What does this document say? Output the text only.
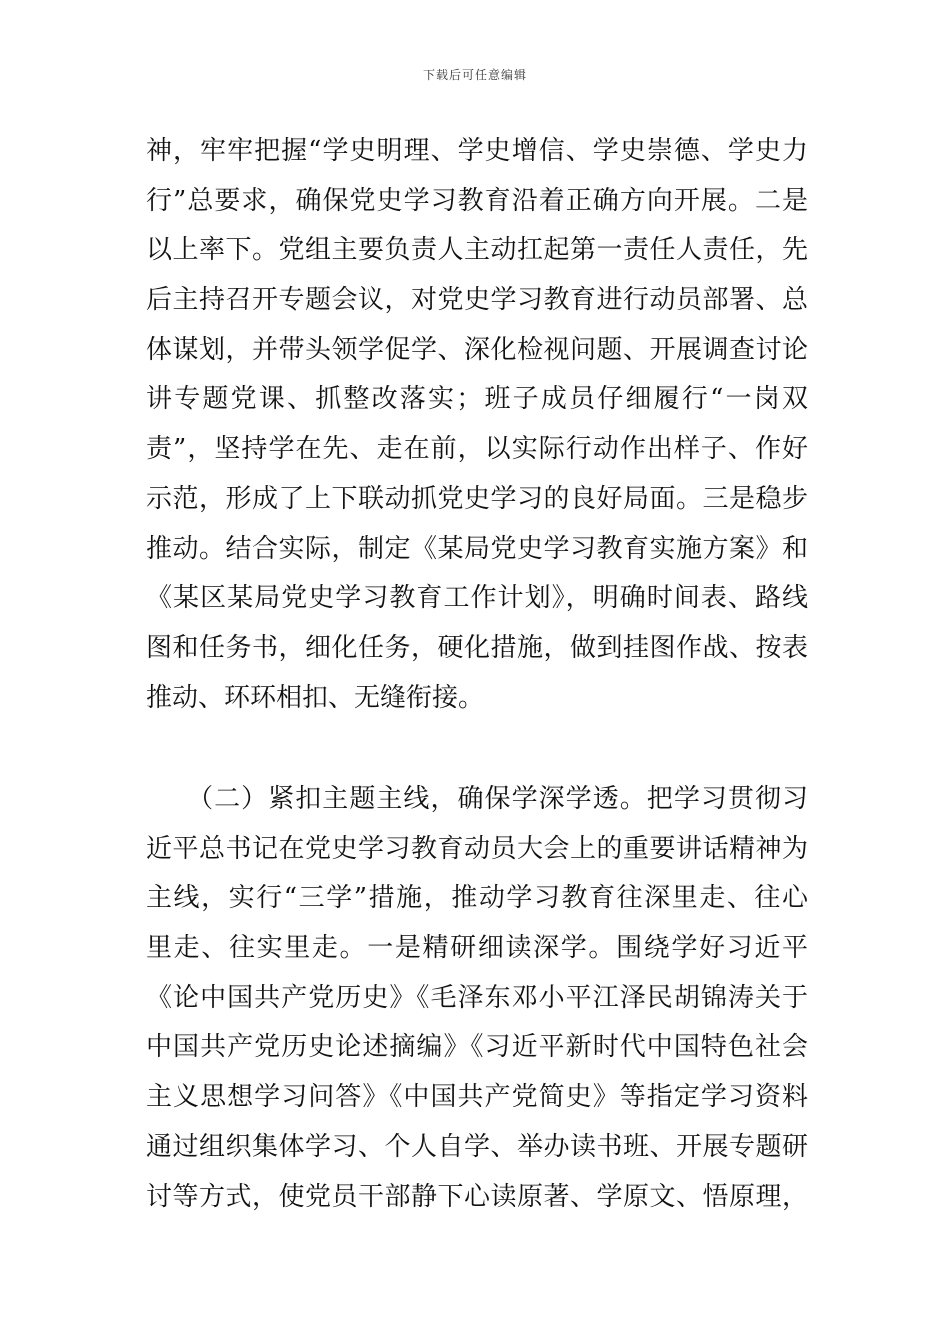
下载后可任意编辑
神，牢牢把握“学史明理、学史增信、学史崇德、学史力
行”总要求，确保党史学习教育沿着正确方向开展。二是
以上率下。党组主要负责人主动扛起第一责任人责任，先
后主持召开专题会议，对党史学习教育进行动员部署、总
体谋划，并带头领学促学、深化检视问题、开展调查讨论
讲专题党课、抓整改落实；班子成员仔细履行“一岗双
责”，坚持学在先、走在前，以实际行动作出样子、作好
示范，形成了上下联动抓党史学习的良好局面。三是稳步
推动。结合实际，制定《某局党史学习教育实施方案》和
《某区某局党史学习教育工作计划》，明确时间表、路线
图和任务书，细化任务，硬化措施，做到挂图作战、按表
推动、环环相扣、无缝衔接。
　　（二）紧扣主题主线，确保学深学透。把学习贯彻习
近平总书记在党史学习教育动员大会上的重要讲话精神为
主线，实行“三学”措施，推动学习教育往深里走、往心
里走、往实里走。一是精研细读深学。围绕学好习近平
《论中国共产党历史》《毛泽东邓小平江泽民胡锦涛关于
中国共产党历史论述摘编》《习近平新时代中国特色社会
主义思想学习问答》《中国共产党简史》等指定学习资料
通过组织集体学习、个人自学、举办读书班、开展专题研
讨等方式，使党员干部静下心读原著、学原文、悟原理，
